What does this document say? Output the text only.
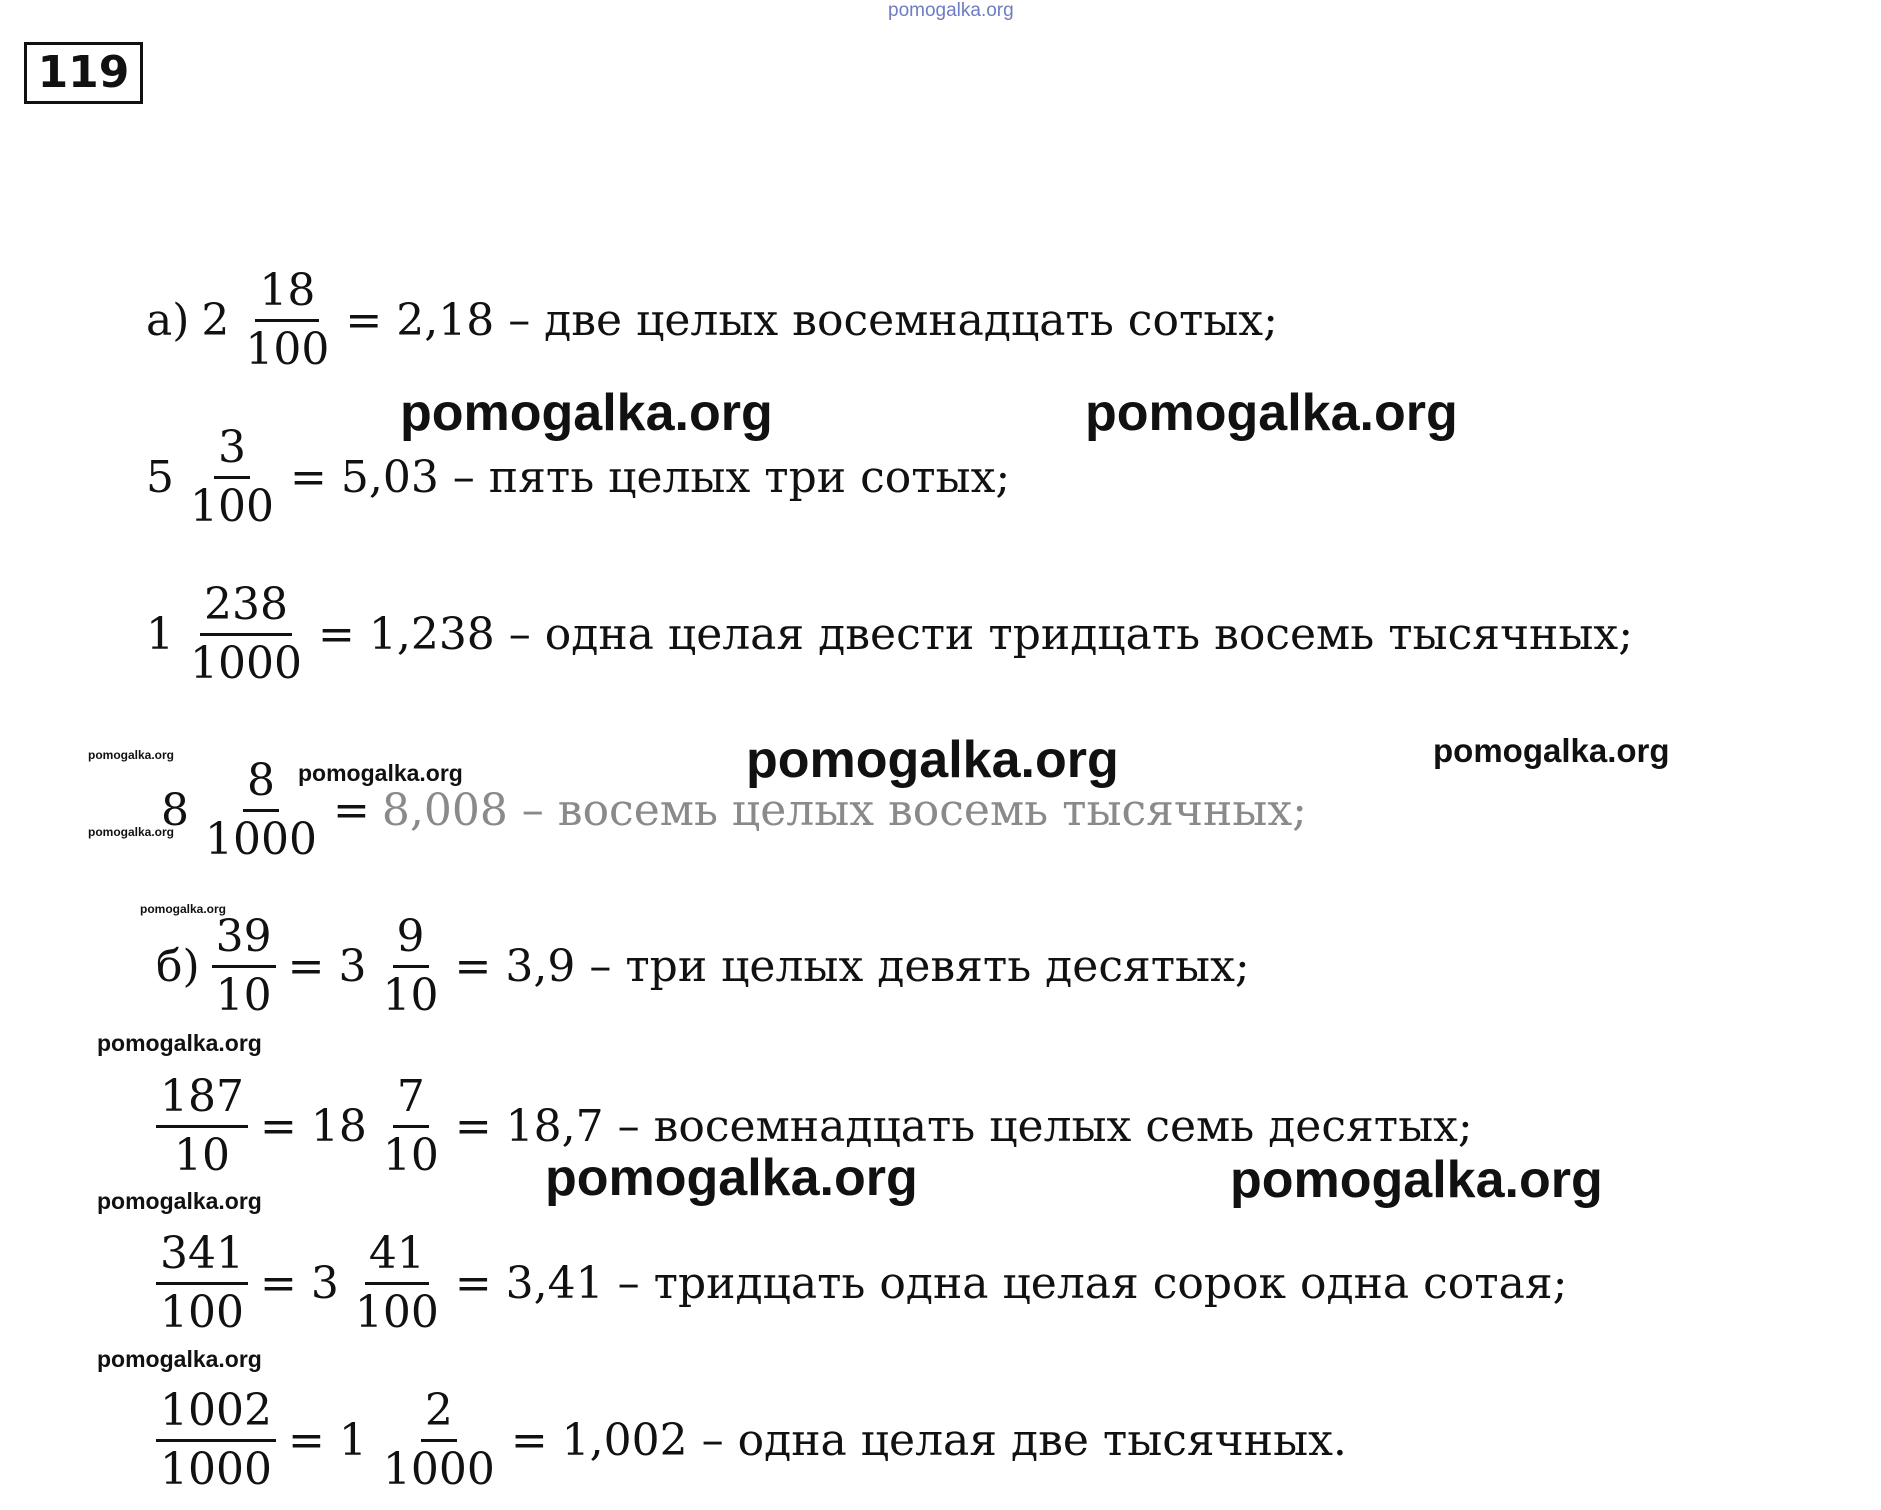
pomogalka.org
119
а) $2 \frac{18}{100} = 2,18$ – две целых восемнадцать сотых;
$5 \frac{3}{100} = 5,03$ – пять целых три сотых;
$1 \frac{238}{1000} = 1,238$ – одна целая двести тридцать восемь тысячных;
$8 \frac{8}{1000} = 8,008$ – восемь целых восемь тысячных;
$б) \frac{39}{10} = 3 \frac{9}{10} = 3,9$ – три целых девять десятых;
$\frac{187}{10} = 18 \frac{7}{10} = 18,7$ – восемнадцать целых семь десятых;
$\frac{341}{100} = 3 \frac{41}{100} = 3,41$ – тридцать одна целая сорок одна сотая;
$\frac{1002}{1000} = 1 \frac{2}{1000} = 1,002$ – одна целая две тысячных.
pomogalka.org	pomogalka.org
pomogalka.org	pomogalka.org
pomogalka.org
pomogalka.org
pomogalka.org
pomogalka.org
pomogalka.org
pomogalka.org	pomogalka.org
pomogalka.org
pomogalka.org
